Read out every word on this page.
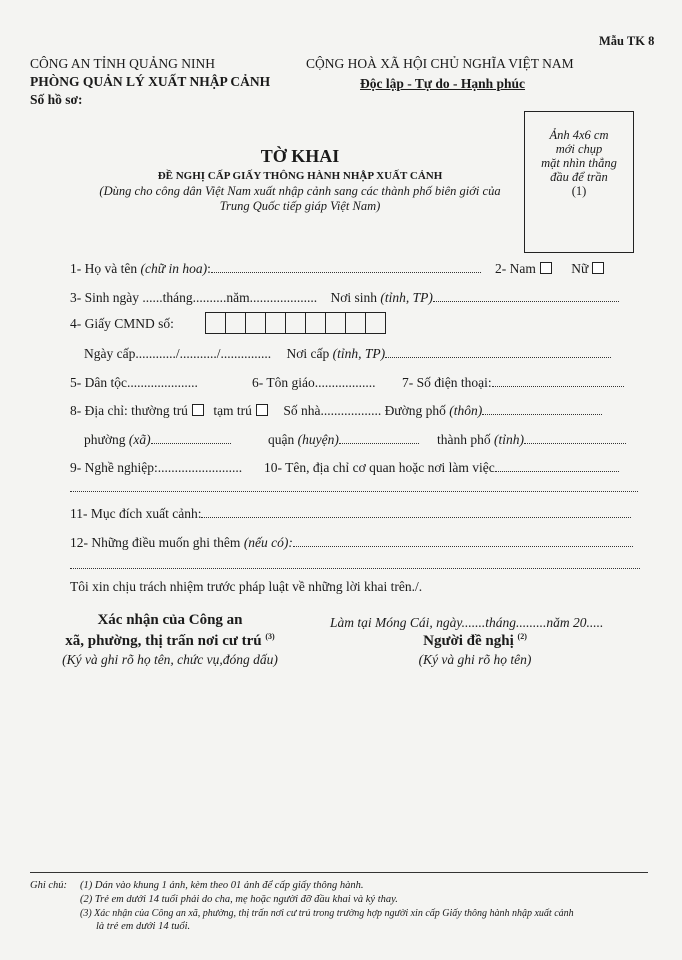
Mẫu TK 8
CÔNG AN TỈNH QUẢNG NINH
PHÒNG QUẢN LÝ XUẤT NHẬP CẢNH
Số hồ sơ:
CỘNG HOÀ XÃ HỘI CHỦ NGHĨA VIỆT NAM
Độc lập - Tự do - Hạnh phúc
Ảnh 4x6 cm
mới chụp
mặt nhìn thẳng
đầu để trần
(1)
TỜ KHAI
ĐỀ NGHỊ CẤP GIẤY THÔNG HÀNH NHẬP XUẤT CẢNH
(Dùng cho công dân Việt Nam xuất nhập cảnh sang các thành phố biên giới của
Trung Quốc tiếp giáp Việt Nam)
1- Họ và tên (chữ in hoa):	2- Nam	Nữ
3- Sinh ngày ......tháng..........năm.................... Nơi sinh (tỉnh, TP)
4- Giấy CMND số:
Ngày cấp............/.........../............... Nơi cấp (tỉnh, TP)
5- Dân tộc.....................	6- Tôn giáo.................. 7- Số điện thoại:
8- Địa chỉ: thường trú tạm trú Số nhà.................. Đường phố (thôn)
phường (xã)	quận (huyện)	thành phố (tỉnh)
9- Nghề nghiệp:......................... 10- Tên, địa chỉ cơ quan hoặc nơi làm việc
11- Mục đích xuất cảnh:
12- Những điều muốn ghi thêm (nếu có):
Tôi xin chịu trách nhiệm trước pháp luật về những lời khai trên./.
Xác nhận của Công an
xã, phường, thị trấn nơi cư trú $^{(3)}$
(Ký và ghi rõ họ tên, chức vụ,đóng dấu)
Làm tại Móng Cái, ngày.......tháng.........năm 20.....
Người đề nghị $^{(2)}$
(Ký và ghi rõ họ tên)
Ghi chú: (1) Dán vào khung 1 ảnh, kèm theo 01 ảnh để cấp giấy thông hành.
(2) Trẻ em dưới 14 tuổi phải do cha, mẹ hoặc người đỡ đầu khai và ký thay.
(3) Xác nhận của Công an xã, phường, thị trấn nơi cư trú trong trường hợp người xin cấp Giấy thông hành nhập xuất cảnh
là trẻ em dưới 14 tuổi.
